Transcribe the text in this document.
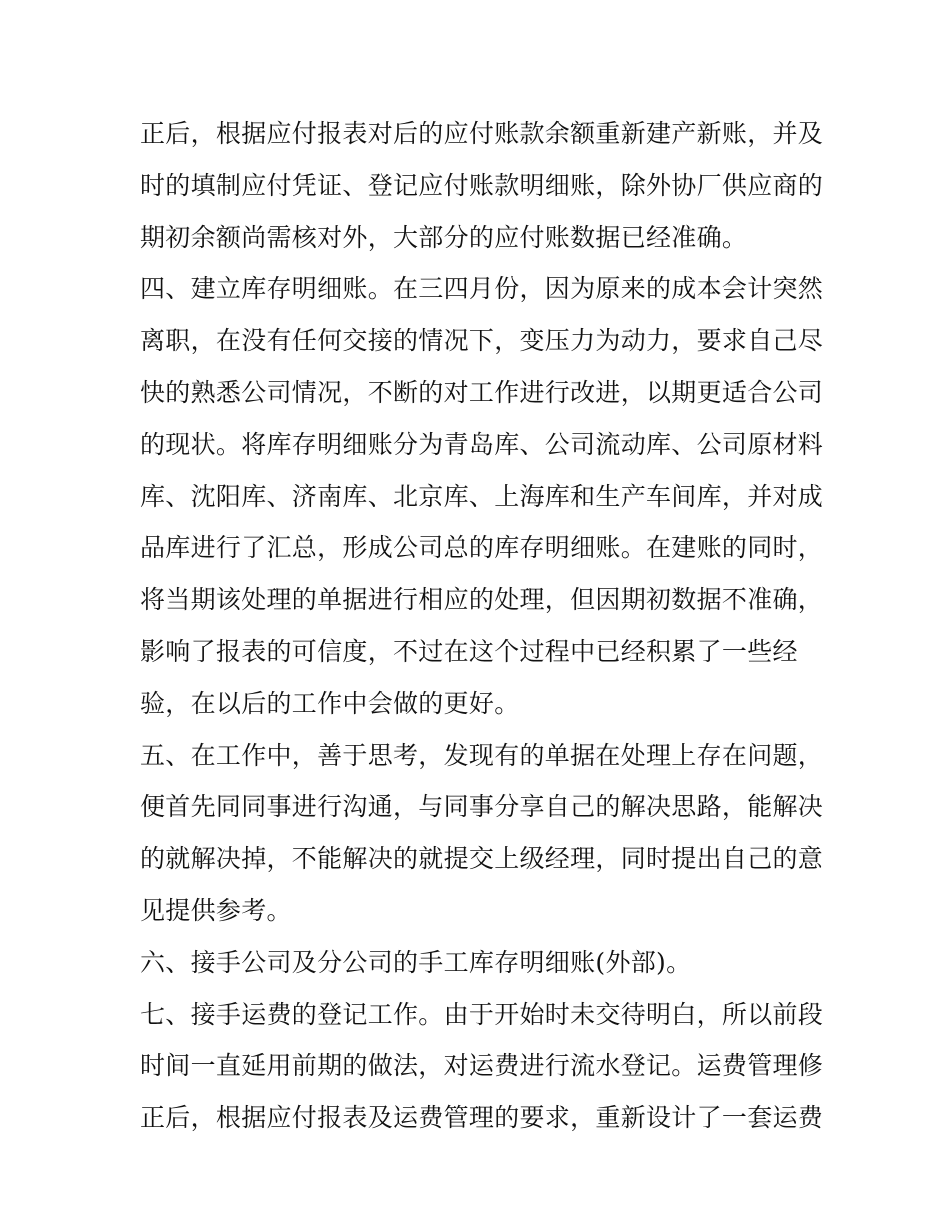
正后，根据应付报表对后的应付账款余额重新建产新账，并及
时的填制应付凭证、登记应付账款明细账，除外协厂供应商的
期初余额尚需核对外，大部分的应付账数据已经准确。
四、建立库存明细账。在三四月份，因为原来的成本会计突然
离职，在没有任何交接的情况下，变压力为动力，要求自己尽
快的熟悉公司情况，不断的对工作进行改进，以期更适合公司
的现状。将库存明细账分为青岛库、公司流动库、公司原材料
库、沈阳库、济南库、北京库、上海库和生产车间库，并对成
品库进行了汇总，形成公司总的库存明细账。在建账的同时，
将当期该处理的单据进行相应的处理，但因期初数据不准确，
影响了报表的可信度，不过在这个过程中已经积累了一些经
验，在以后的工作中会做的更好。
五、在工作中，善于思考，发现有的单据在处理上存在问题，
便首先同同事进行沟通，与同事分享自己的解决思路，能解决
的就解决掉，不能解决的就提交上级经理，同时提出自己的意
见提供参考。
六、接手公司及分公司的手工库存明细账(外部)。
七、接手运费的登记工作。由于开始时未交待明白，所以前段
时间一直延用前期的做法，对运费进行流水登记。运费管理修
正后，根据应付报表及运费管理的要求，重新设计了一套运费
